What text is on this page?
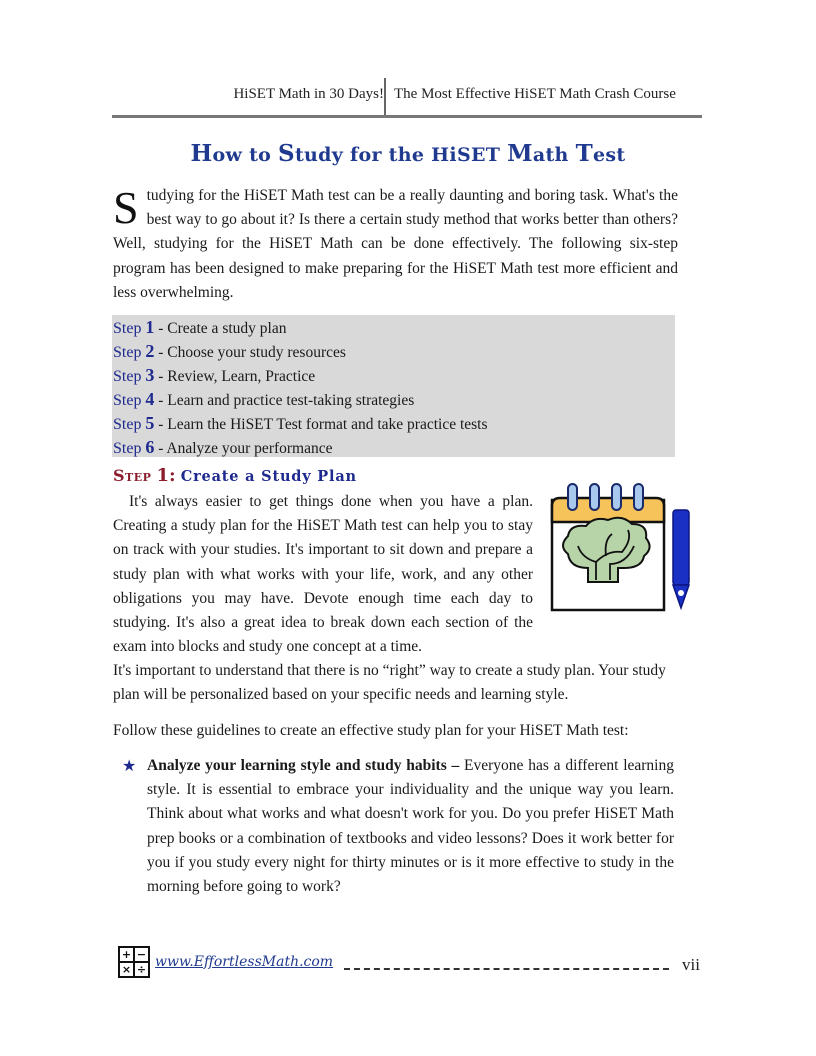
HiSET Math in 30 Days! The Most Effective HiSET Math Crash Course
How to Study for the HiSET Math Test
Studying for the HiSET Math test can be a really daunting and boring task. What's the best way to go about it? Is there a certain study method that works better than others? Well, studying for the HiSET Math can be done effectively. The following six-step program has been designed to make preparing for the HiSET Math test more efficient and less overwhelming.
Step 1 - Create a study plan
Step 2 - Choose your study resources
Step 3 - Review, Learn, Practice
Step 4 - Learn and practice test-taking strategies
Step 5 - Learn the HiSET Test format and take practice tests
Step 6 - Analyze your performance
Step 1: Create a Study Plan
It's always easier to get things done when you have a plan. Creating a study plan for the HiSET Math test can help you to stay on track with your studies. It's important to sit down and prepare a study plan with what works with your life, work, and any other obligations you may have. Devote enough time each day to studying. It's also a great idea to break down each section of the exam into blocks and study one concept at a time.
It's important to understand that there is no “right” way to create a study plan. Your study plan will be personalized based on your specific needs and learning style.
Follow these guidelines to create an effective study plan for your HiSET Math test:
★ Analyze your learning style and study habits – Everyone has a different learning style. It is essential to embrace your individuality and the unique way you learn. Think about what works and what doesn't work for you. Do you prefer HiSET Math prep books or a combination of textbooks and video lessons? Does it work better for you if you study every night for thirty minutes or is it more effective to study in the morning before going to work?
+ −
× ÷ www.EffortlessMath.com	vii
